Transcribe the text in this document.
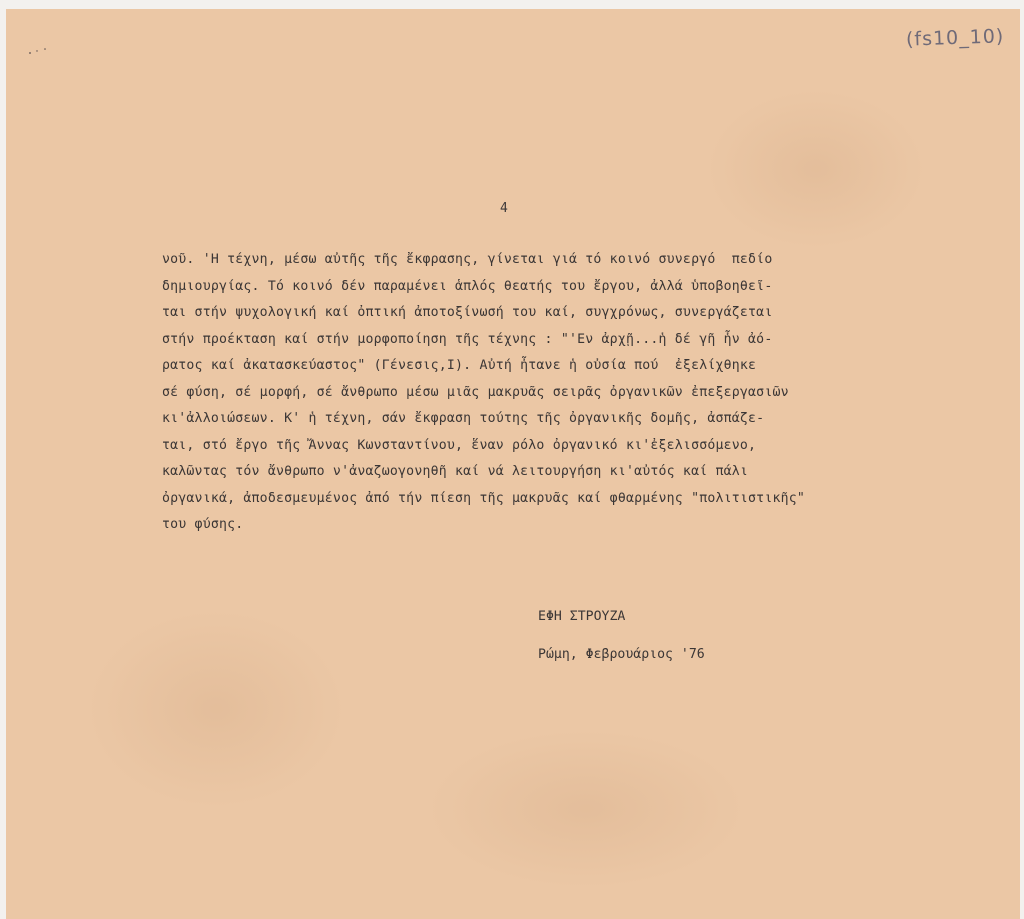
(fs10_10)
4
νοῦ. 'Η τέχνη, μέσω αὐτῆς τῆς ἔκφρασης, γίνεται γιά τό κοινό συνεργό  πεδίο
δημιουργίας. Τό κοινό δέν παραμένει ἁπλός θεατής του ἔργου, ἀλλά ὑποβοηθεῖ-
ται στήν ψυχολογική καί ὀπτική ἀποτοξίνωσή του καί, συγχρόνως, συνεργάζεται
στήν προέκταση καί στήν μορφοποίηση τῆς τέχνης : "'Εν ἀρχῇ...ἡ δέ γῆ ἦν ἀό-
ρατος καί ἀκατασκεύαστος" (Γένεσις,Ι). Αὐτή ἦτανε ἡ οὐσία πού  ἐξελίχθηκε
σέ φύση, σέ μορφή, σέ ἄνθρωπο μέσω μιᾶς μακρυᾶς σειρᾶς ὀργανικῶν ἐπεξεργασιῶν
κι'ἀλλοιώσεων. Κ' ἡ τέχνη, σάν ἔκφραση τούτης τῆς ὀργανικῆς δομῆς, ἀσπάζε-
ται, στό ἔργο τῆς Ἄννας Κωνσταντίνου, ἕναν ρόλο ὀργανικό κι'ἐξελισσόμενο,
καλῶντας τόν ἄνθρωπο ν'ἀναζωογονηθῆ καί νά λειτουργήση κι'αὐτός καί πάλι
ὀργανικά, ἀποδεσμευμένος ἀπό τήν πίεση τῆς μακρυᾶς καί φθαρμένης "πολιτιστικῆς"
του φύσης.
ΕΦΗ ΣΤΡΟΥΖΑ
Ρώμη, Φεβρουάριος '76
